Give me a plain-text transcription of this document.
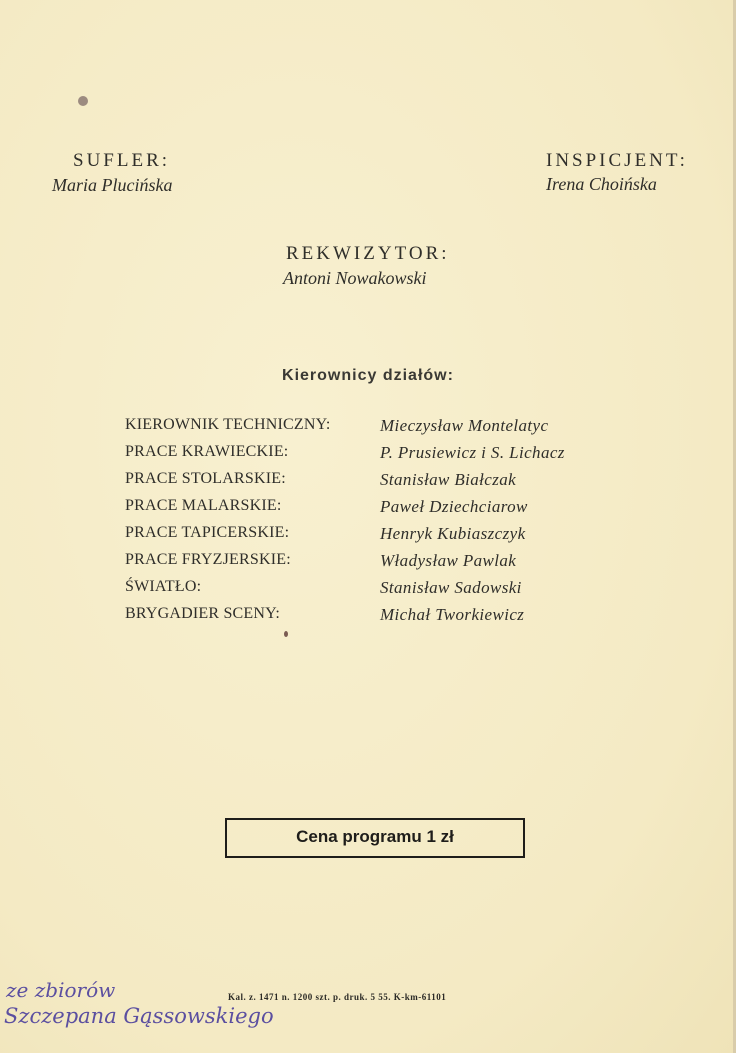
SUFLER:
Maria Plucińska
INSPICJENT:
Irena Choińska
REKWIZYTOR:
Antoni Nowakowski
Kierownicy działów:
KIEROWNIK TECHNICZNY:	Mieczysław Montelatyc
PRACE KRAWIECKIE:	P. Prusiewicz i S. Lichacz
PRACE STOLARSKIE:	Stanisław Białczak
PRACE MALARSKIE:	Paweł Dziechciarow
PRACE TAPICERSKIE:	Henryk Kubiaszczyk
PRACE FRYZJERSKIE:	Władysław Pawlak
ŚWIATŁO:	Stanisław Sadowski
BRYGADIER SCENY:	Michał Tworkiewicz
Cena programu 1 zł
ze zbiorów
Szczepana Gąssowskiego
Kal. z. 1471 n. 1200 szt. p. druk. 5 55. K-km-61101
